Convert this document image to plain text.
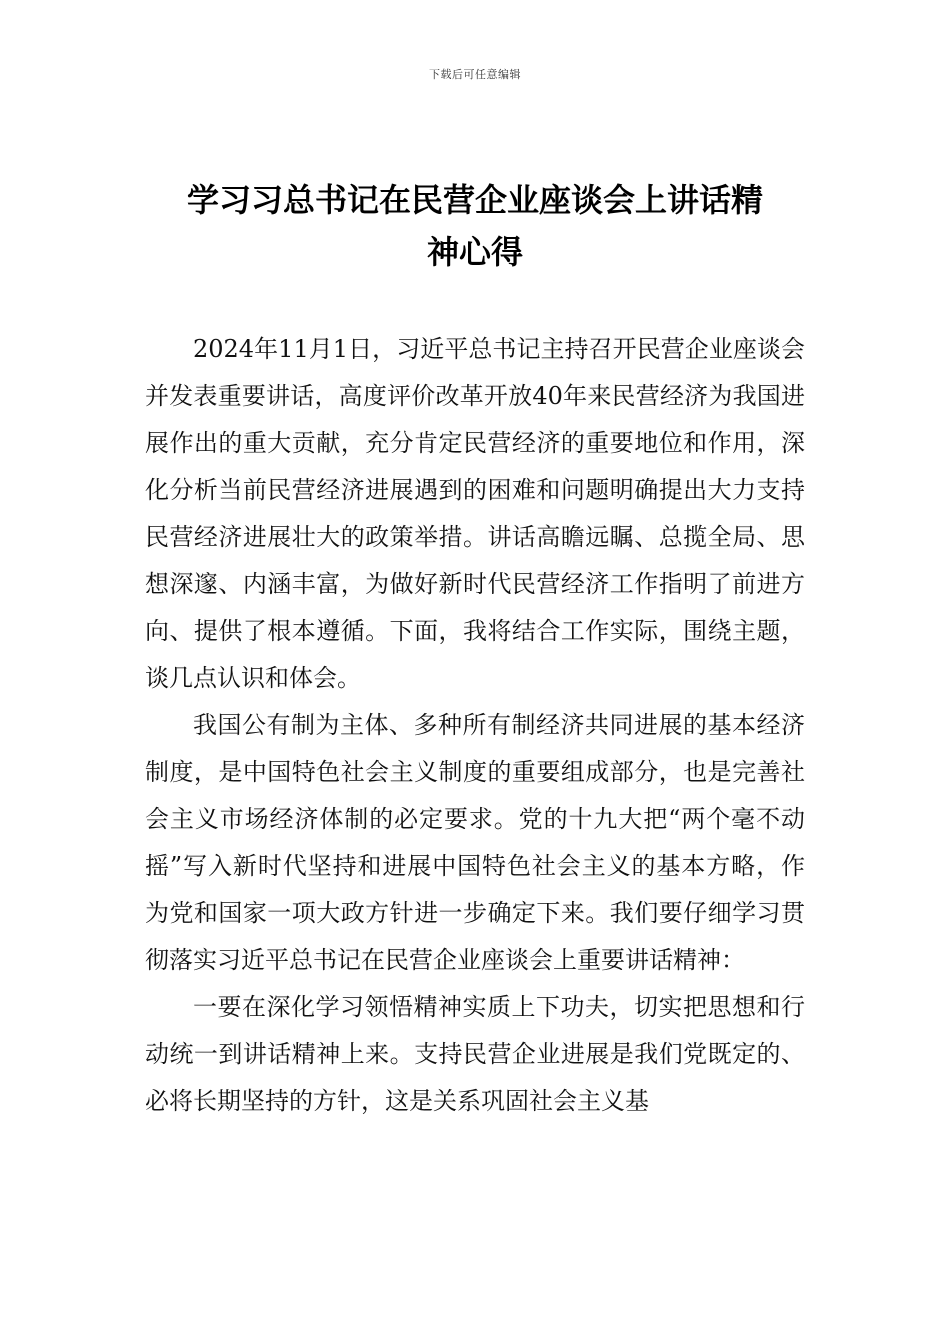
下载后可任意编辑
学习习总书记在民营企业座谈会上讲话精
神心得

2024年11月1日，习近平总书记主持召开民营企业座谈会并发表重要讲话，高度评价改革开放40年来民营经济为我国进展作出的重大贡献，充分肯定民营经济的重要地位和作用，深化分析当前民营经济进展遇到的困难和问题明确提出大力支持民营经济进展壮大的政策举措。讲话高瞻远瞩、总揽全局、思想深邃、内涵丰富，为做好新时代民营经济工作指明了前进方向、提供了根本遵循。下面，我将结合工作实际，围绕主题，谈几点认识和体会。

我国公有制为主体、多种所有制经济共同进展的基本经济制度，是中国特色社会主义制度的重要组成部分，也是完善社会主义市场经济体制的必定要求。党的十九大把“两个毫不动摇”写入新时代坚持和进展中国特色社会主义的基本方略，作为党和国家一项大政方针进一步确定下来。我们要仔细学习贯彻落实习近平总书记在民营企业座谈会上重要讲话精神：

一要在深化学习领悟精神实质上下功夫，切实把思想和行动统一到讲话精神上来。支持民营企业进展是我们党既定的、必将长期坚持的方针，这是关系巩固社会主义基
